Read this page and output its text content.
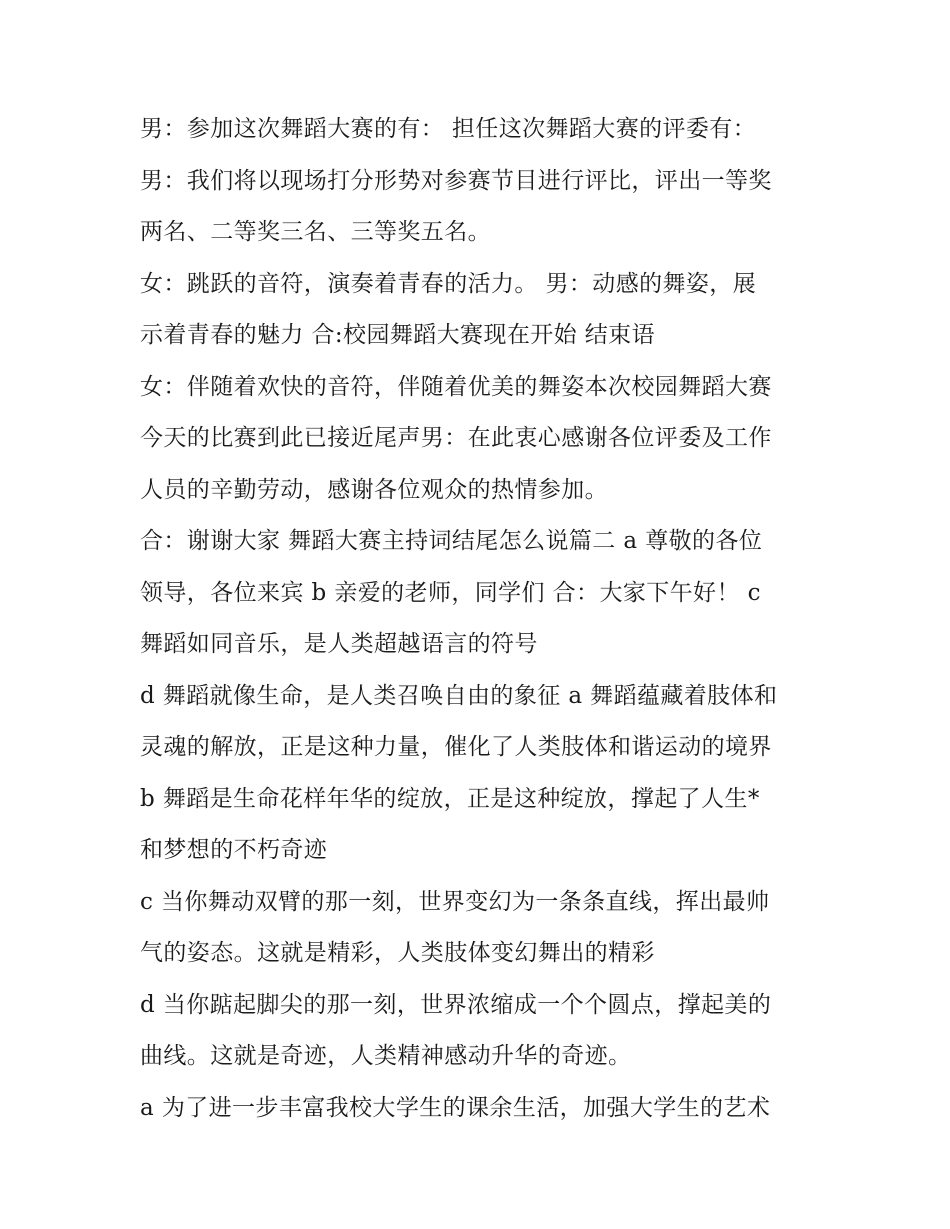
男：参加这次舞蹈大赛的有： 担任这次舞蹈大赛的评委有：
男：我们将以现场打分形势对参赛节目进行评比，评出一等奖
两名、二等奖三名、三等奖五名。
女：跳跃的音符，演奏着青春的活力。 男：动感的舞姿，展
示着青春的魅力 合:校园舞蹈大赛现在开始 结束语
女：伴随着欢快的音符，伴随着优美的舞姿本次校园舞蹈大赛
今天的比赛到此已接近尾声男：在此衷心感谢各位评委及工作
人员的辛勤劳动，感谢各位观众的热情参加。
合：谢谢大家 舞蹈大赛主持词结尾怎么说篇二 a 尊敬的各位
领导，各位来宾 b 亲爱的老师，同学们 合：大家下午好！ c
舞蹈如同音乐，是人类超越语言的符号
d 舞蹈就像生命，是人类召唤自由的象征 a 舞蹈蕴藏着肢体和
灵魂的解放，正是这种力量，催化了人类肢体和谐运动的境界
b 舞蹈是生命花样年华的绽放，正是这种绽放，撑起了人生*
和梦想的不朽奇迹
c 当你舞动双臂的那一刻，世界变幻为一条条直线，挥出最帅
气的姿态。这就是精彩，人类肢体变幻舞出的精彩
d 当你踮起脚尖的那一刻，世界浓缩成一个个圆点，撑起美的
曲线。这就是奇迹，人类精神感动升华的奇迹。
a 为了进一步丰富我校大学生的课余生活，加强大学生的艺术
